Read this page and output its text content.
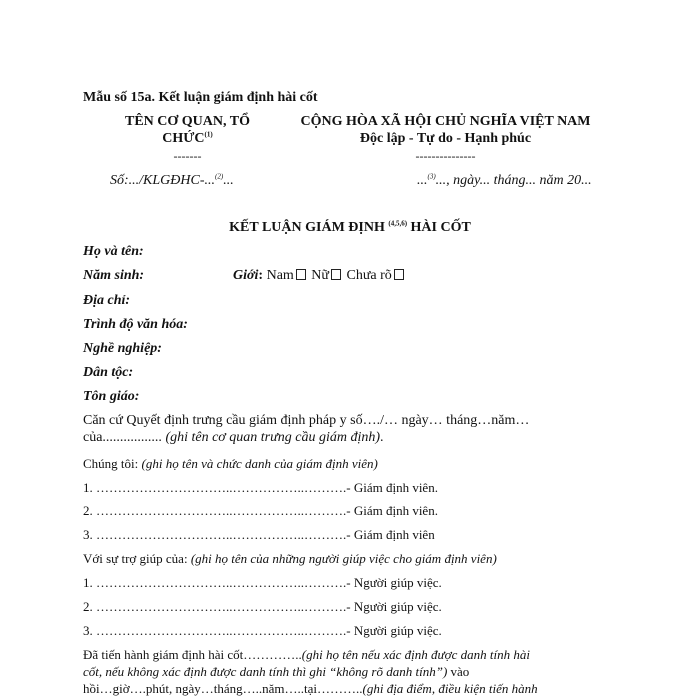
Mẫu số 15a. Kết luận giám định hài cốt
TÊN CƠ QUAN, TỔ
CHỨC$^{(1)}$
-------
CỘNG HÒA XÃ HỘI CHỦ NGHĨA VIỆT NAM
Độc lập - Tự do - Hạnh phúc
---------------
Số:.../KLGĐHC-...$^{(2)}$...	...$^{(3)}$..., ngày... tháng... năm 20...
KẾT LUẬN GIÁM ĐỊNH $^{(4,5,6)}$ HÀI CỐT
Họ và tên:
Năm sinh:	Giới: Nam Nữ Chưa rõ
Địa chỉ:
Trình độ văn hóa:
Nghề nghiệp:
Dân tộc:
Tôn giáo:
Căn cứ Quyết định trưng cầu giám định pháp y số…./… ngày… tháng…năm…
của................. (ghi tên cơ quan trưng cầu giám định).
Chúng tôi: (ghi họ tên và chức danh của giám định viên)
1. …………………………..……………..……….- Giám định viên.
2. …………………………..……………..……….- Giám định viên.
3. …………………………..……………..……….- Giám định viên
Với sự trợ giúp của: (ghi họ tên của những người giúp việc cho giám định viên)
1. …………………………..……………..……….- Người giúp việc.
2. …………………………..……………..……….- Người giúp việc.
3. …………………………..……………..……….- Người giúp việc.
Đã tiến hành giám định hài cốt…………..(ghi họ tên nếu xác định được danh tính hài
cốt, nếu không xác định được danh tính thì ghi “không rõ danh tính”) vào
hồi…giờ….phút, ngày…tháng…..năm…..tại………..(ghi địa điểm, điều kiện tiến hành
